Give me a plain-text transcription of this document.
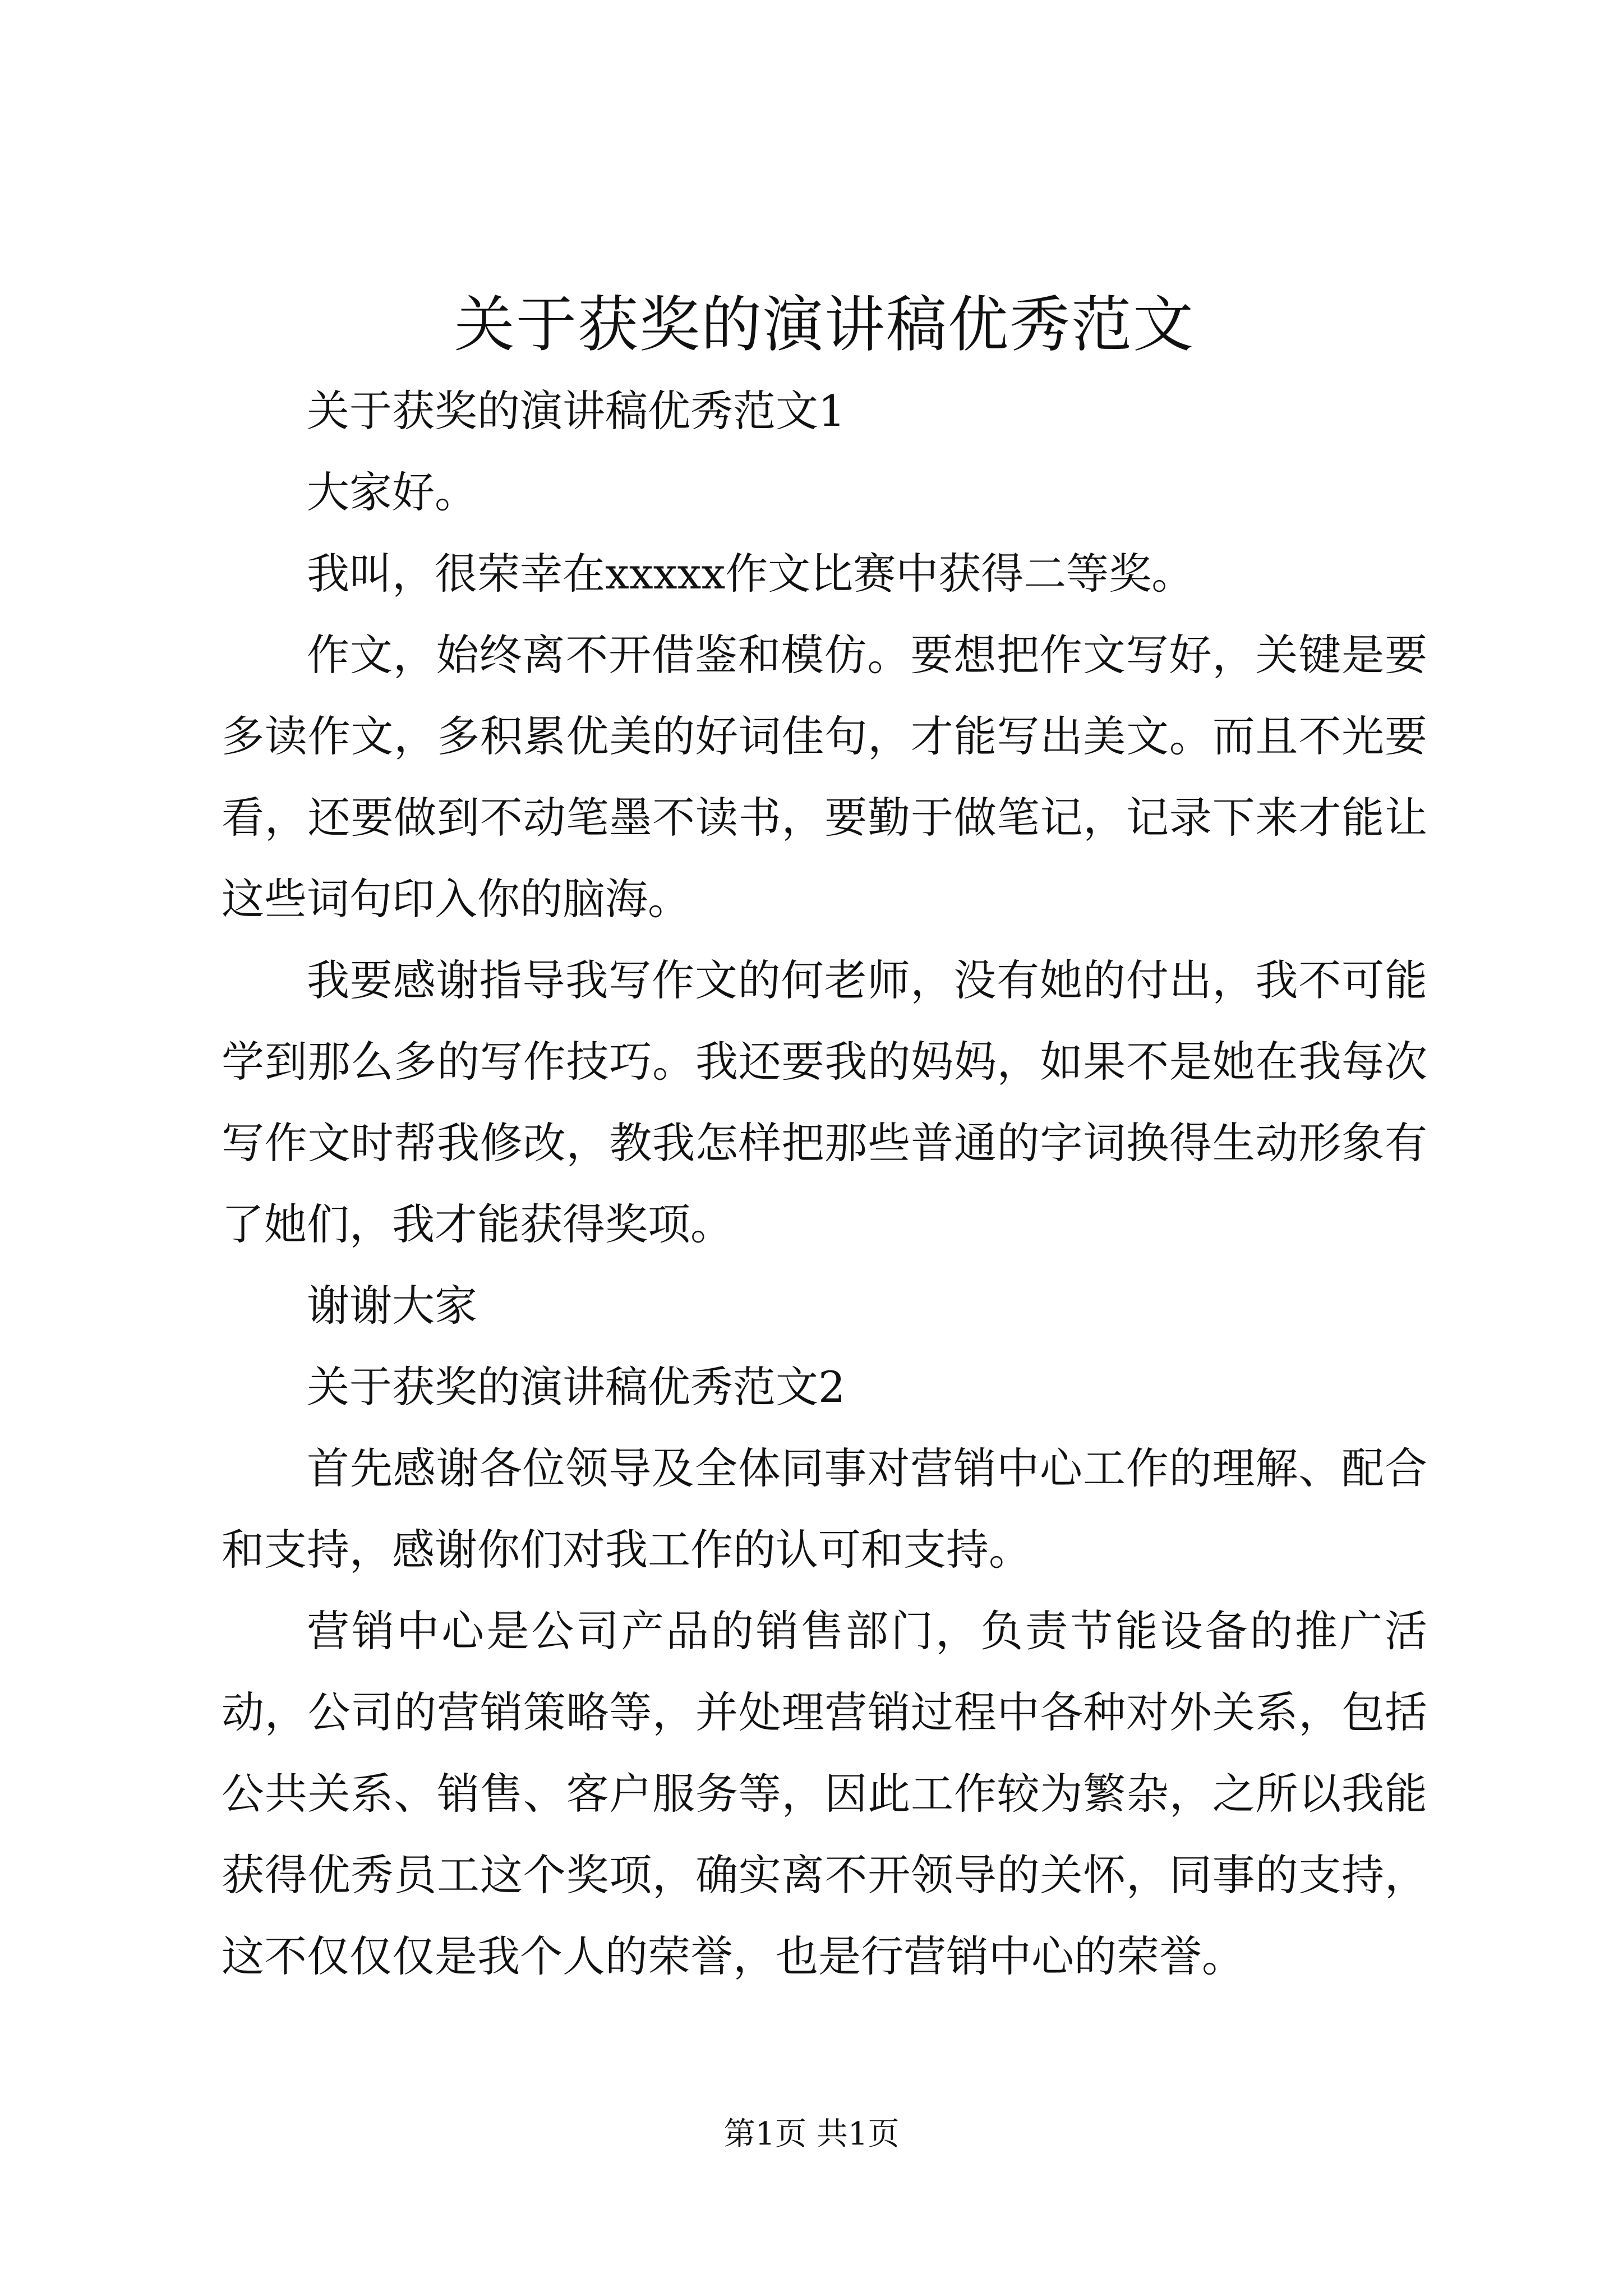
关于获奖的演讲稿优秀范文

关于获奖的演讲稿优秀范文1

大家好。

我叫，很荣幸在xxxxx作文比赛中获得二等奖。

作文，始终离不开借鉴和模仿。要想把作文写好，关键是要多读作文，多积累优美的好词佳句，才能写出美文。而且不光要看，还要做到不动笔墨不读书，要勤于做笔记，记录下来才能让这些词句印入你的脑海。

我要感谢指导我写作文的何老师，没有她的付出，我不可能学到那么多的写作技巧。我还要我的妈妈，如果不是她在我每次写作文时帮我修改，教我怎样把那些普通的字词换得生动形象有了她们，我才能获得奖项。

谢谢大家

关于获奖的演讲稿优秀范文2

首先感谢各位领导及全体同事对营销中心工作的理解、配合和支持，感谢你们对我工作的认可和支持。

营销中心是公司产品的销售部门，负责节能设备的推广活动，公司的营销策略等，并处理营销过程中各种对外关系，包括公共关系、销售、客户服务等，因此工作较为繁杂，之所以我能获得优秀员工这个奖项，确实离不开领导的关怀，同事的支持，这不仅仅仅是我个人的荣誉，也是行营销中心的荣誉。

第1页 共1页
